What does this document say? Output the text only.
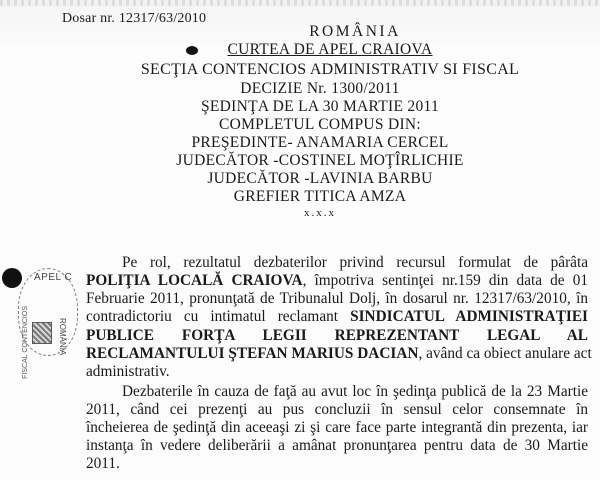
Dosar nr. 12317/63/2010
ROMÂNIA
CURTEA DE APEL CRAIOVA
SECŢIA CONTENCIOS ADMINISTRATIV SI FISCAL
DECIZIE Nr. 1300/2011
ŞEDINŢA DE LA 30 MARTIE 2011
COMPLETUL COMPUS DIN:
PREŞEDINTE- ANAMARIA CERCEL
JUDECĂTOR -COSTINEL MOŢÎRLICHIE
JUDECĂTOR -LAVINIA BARBU
GREFIER TITICA AMZA
x.x.x
APEL C
FISCAL CONTENCIOS	ROMÂNIA
Pe rol, rezultatul dezbaterilor privind recursul formulat de pârâta
POLIŢIA LOCALĂ CRAIOVA, împotriva sentinţei nr.159 din data de 01
Februarie 2011, pronunţată de Tribunalul Dolj, în dosarul nr. 12317/63/2010, în
contradictoriu cu intimatul reclamant SINDICATUL ADMINISTRAŢIEI
PUBLICE FORŢA LEGII REPREZENTANT LEGAL AL
RECLAMANTULUI ŞTEFAN MARIUS DACIAN, având ca obiect anulare act
administrativ.
Dezbaterile în cauza de faţă au avut loc în şedinţa publică de la 23 Martie
2011, când cei prezenţi au pus concluzii în sensul celor consemnate în
încheierea de şedinţă din aceeaşi zi şi care face parte integrantă din prezenta, iar
instanţa în vedere deliberării a amânat pronunţarea pentru data de 30 Martie
2011.
